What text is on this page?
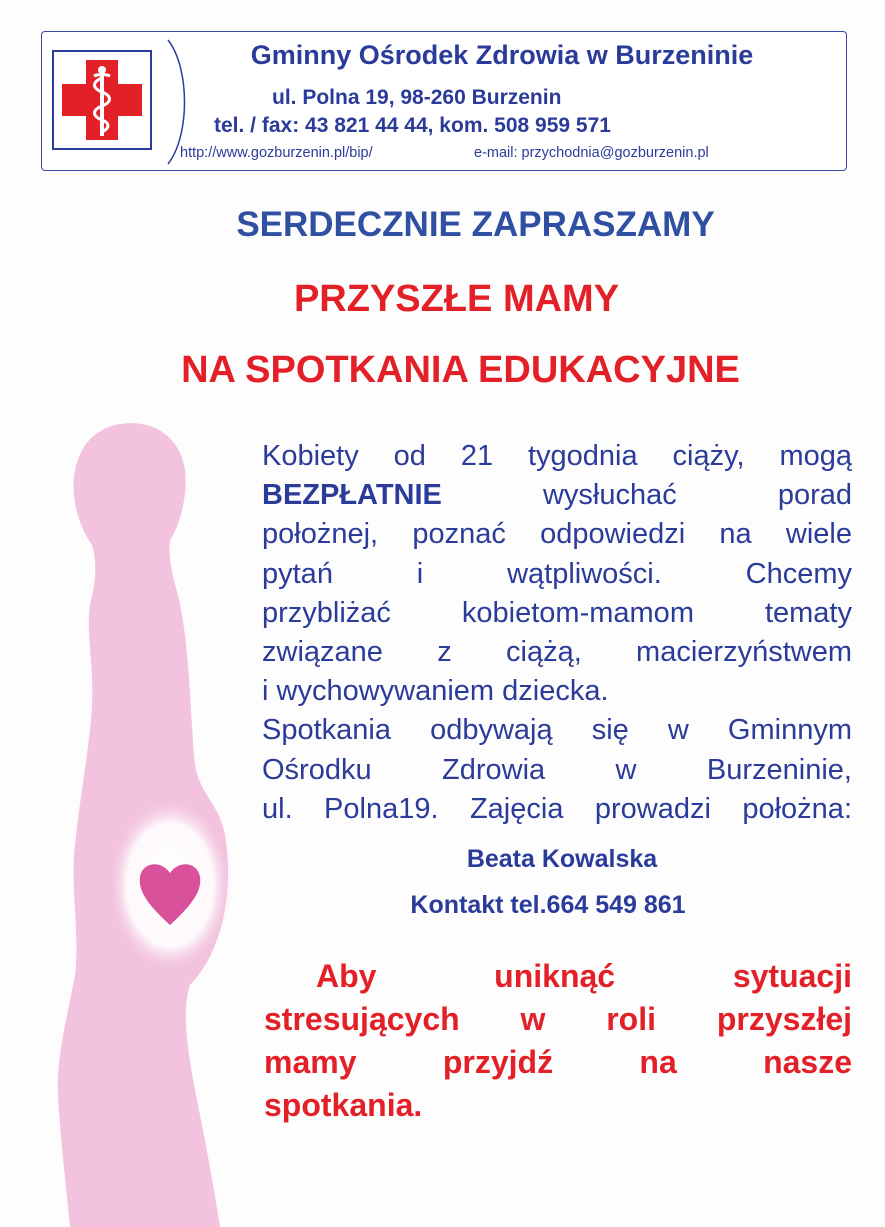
Gminny Ośrodek Zdrowia w Burzeninie
ul. Polna 19, 98-260 Burzenin
tel. / fax: 43 821 44 44, kom. 508 959 571
http://www.gozburzenin.pl/bip/	e-mail: przychodnia@gozburzenin.pl
SERDECZNIE ZAPRASZAMY
PRZYSZŁE MAMY
NA SPOTKANIA EDUKACYJNE
Kobiety od 21 tygodnia ciąży, mogą
BEZPŁATNIE	wysłuchać porad
położnej, poznać odpowiedzi na wiele
pytań i wątpliwości. Chcemy
przybliżać kobietom-mamom tematy
związane z ciążą, macierzyństwem
i wychowywaniem dziecka.
Spotkania odbywają się w Gminnym
Ośrodku Zdrowia w Burzeninie,
ul. Polna19. Zajęcia prowadzi położna:
Beata Kowalska
Kontakt tel.664 549 861
Aby uniknąć sytuacji
stresujących w roli przyszłej
mamy przyjdź na nasze
spotkania.
